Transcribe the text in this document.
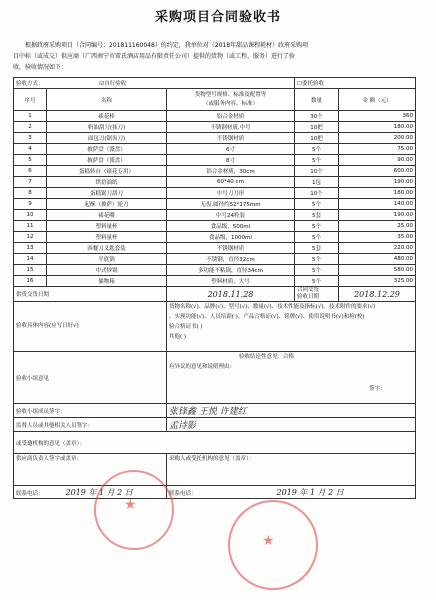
采购项目合同验收书

根据政府采购项目（合同编号：201811160048）的约定，我单位对（2018年甜品课程耗材）政府采购项

目中标（或成交）供应商（广西南宁市雷氏酒店用品有限责任公司）提供的货物（或工程、服务）进行了验
收，验收情况如下：
验收方式： ☑自行验收			☐委托验收	
序号	名称	货物型号规格、标准及配置等
（或服务内容、标准）	数量	金 额（元）
1	裱花棒	铝合金材质	30个	360
2	奶油刮刀(抹刀)	不锈钢材质,中号	10把	180.00
3	面包刀(锯齿刀)	不锈钢材质	10把	200.00
4	披萨盘（派盘）	6寸	5个	75.00
5	披萨盘（派盘）	8寸	5个	90.00
6	蛋糕转台（裱花专用）	铝合金材质，30cm	10个	600.00
7	烘焙油纸	60*40 cm	1包	190.00
8	蛋糕锯刀刮刀	中号刀刀形	10个	180.00
9	起酥（披萨）轮刀	无齿,圆径约52*175mm	5个	140.00
10	裱花嘴	中号24粒装	5套	190.00
11	塑料量杯	食品级，500ml	5个	25.00
12	塑料量杯	食品级，1000ml	5个	35.00
13	西餐刀叉匙套装	不锈钢材质	5套	220.00
14	平底锅	不锈钢，直径32cm	5个	480.00
15	中式炒锅	多功能不粘锅，直径34cm	5个	580.00
16	储物箱	塑料材质，大号	5个	325.00
供货交货日期		2018.11.28	合同交货
验收日期	2018.12.29
验收具体内容(应写日好√)		货物名称(√)、品牌(√)、型号(√)、数量(√)、技术性能及指标(√)、技术附件的要求(√)
、实现功能(√)、人员培训( )、产品合格证(√)、铭牌(√)、使用说明书(√)和检(校)
验合格证书( )
其他( )		

验收小组意见		验收结论性意见：合格
有异议的意见和说明理由：
签字：		

验收小组成员签字：		张锋鑫 王悦 许建红		
监督人员或其他相关人员签字：		孟诗影		
或受邀机构的意见（盖章）：				
供应商负责人签字或盖章：		采购人或受托机构的意见（盖章）：		
联系电话： 2019 年 1 月 2 日		联系电话： 2019 年 1 月 2 日		
★
★
